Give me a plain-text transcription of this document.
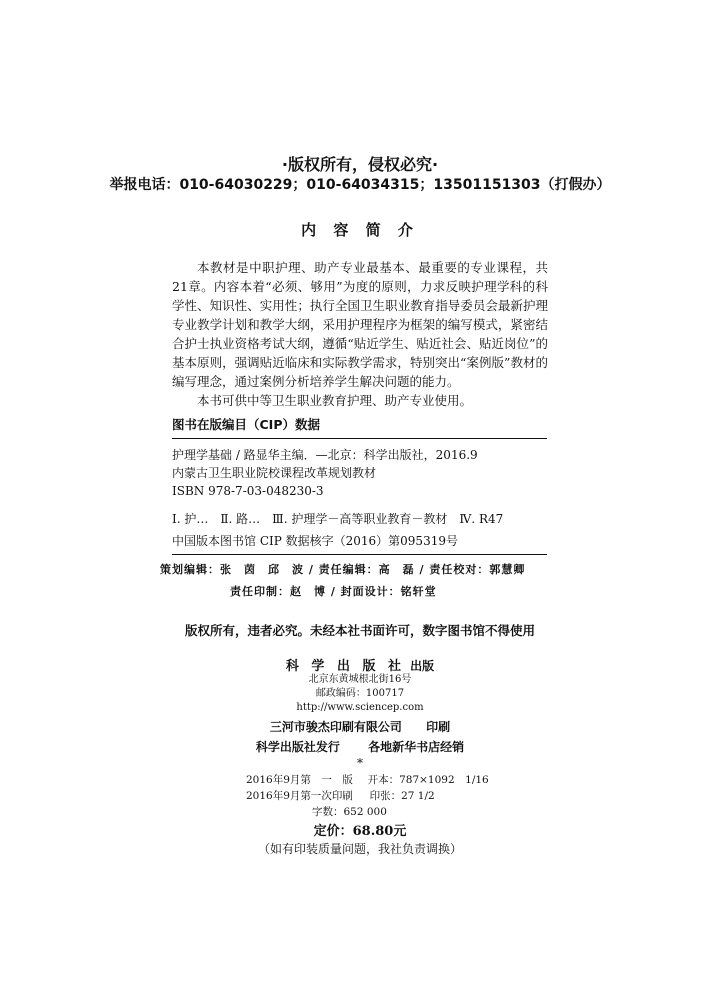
·版权所有，侵权必究·
举报电话：010-64030229；010-64034315；13501151303（打假办）
内 容 简 介

本教材是中职护理、助产专业最基本、最重要的专业课程，共21章。内容本着“必须、够用”为度的原则，力求反映护理学科的科学性、知识性、实用性；执行全国卫生职业教育指导委员会最新护理专业教学计划和教学大纲，采用护理程序为框架的编写模式，紧密结合护士执业资格考试大纲，遵循“贴近学生、贴近社会、贴近岗位”的基本原则，强调贴近临床和实际教学需求，特别突出“案例版”教材的编写理念，通过案例分析培养学生解决问题的能力。

本书可供中等卫生职业教育护理、助产专业使用。

图书在版编目（CIP）数据
护理学基础 / 路显华主编．—北京：科学出版社，2016.9
内蒙古卫生职业院校课程改革规划教材
ISBN 978-7-03-048230-3
Ⅰ. 护…　Ⅱ. 路…　Ⅲ. 护理学－高等职业教育－教材　Ⅳ. R47
中国版本图书馆 CIP 数据核字（2016）第095319号
策划编辑：张　茵　邱　波 / 责任编辑：高　磊 / 责任校对：郭慧卿
责任印制：赵　博 / 封面设计：铭轩堂
版权所有，违者必究。未经本社书面许可，数字图书馆不得使用
科 学 出 版 社 出版
北京东黄城根北街16号
邮政编码：100717
http://www.sciencep.com
三河市骏杰印刷有限公司 印刷
科学出版社发行 各地新华书店经销
*
2016年9月第　一　版 开本：787×1092　1/16
2016年9月第一次印刷 印张：27 1/2
字数：652 000
定价：68.80元
（如有印装质量问题，我社负责调换）
